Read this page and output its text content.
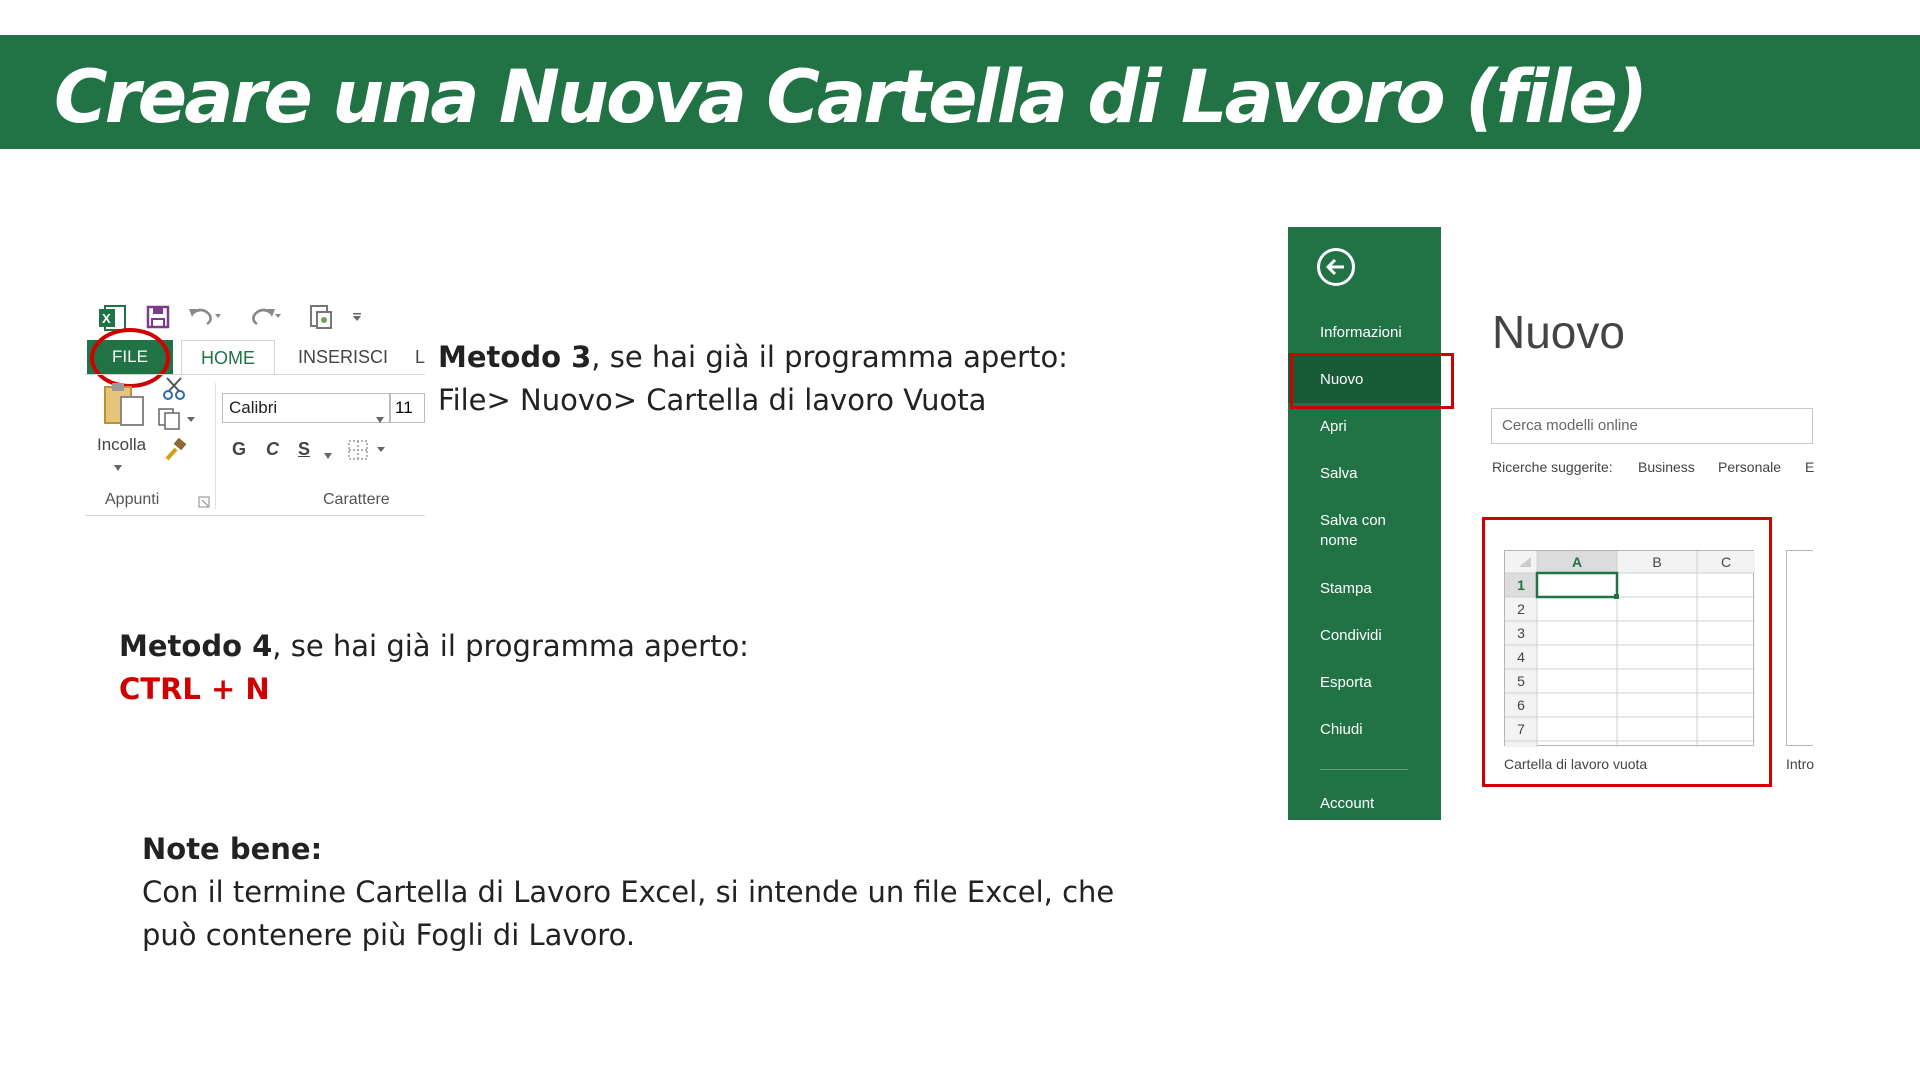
Creare una Nuova Cartella di Lavoro (file)
X
FILE	HOME	INSERISCI L
Incolla
Appunti
Calibri	11
G C S
Carattere
Metodo 3, se hai già il programma aperto:
File> Nuovo> Cartella di lavoro Vuota
Metodo 4, se hai già il programma aperto:
CTRL + N
Note bene:
Con il termine Cartella di Lavoro Excel, si intende un file Excel, che
può contenere più Fogli di Lavoro.
Informazioni
Nuovo
Apri
Salva
Salva con nome
Stampa
Condividi
Esporta
Chiudi
Account
Nuovo
Cerca modelli online
Ricerche suggerite: Business Personale E
A	B	C
1
2
3
4
5
6
7
Cartella di lavoro vuota	Intro
